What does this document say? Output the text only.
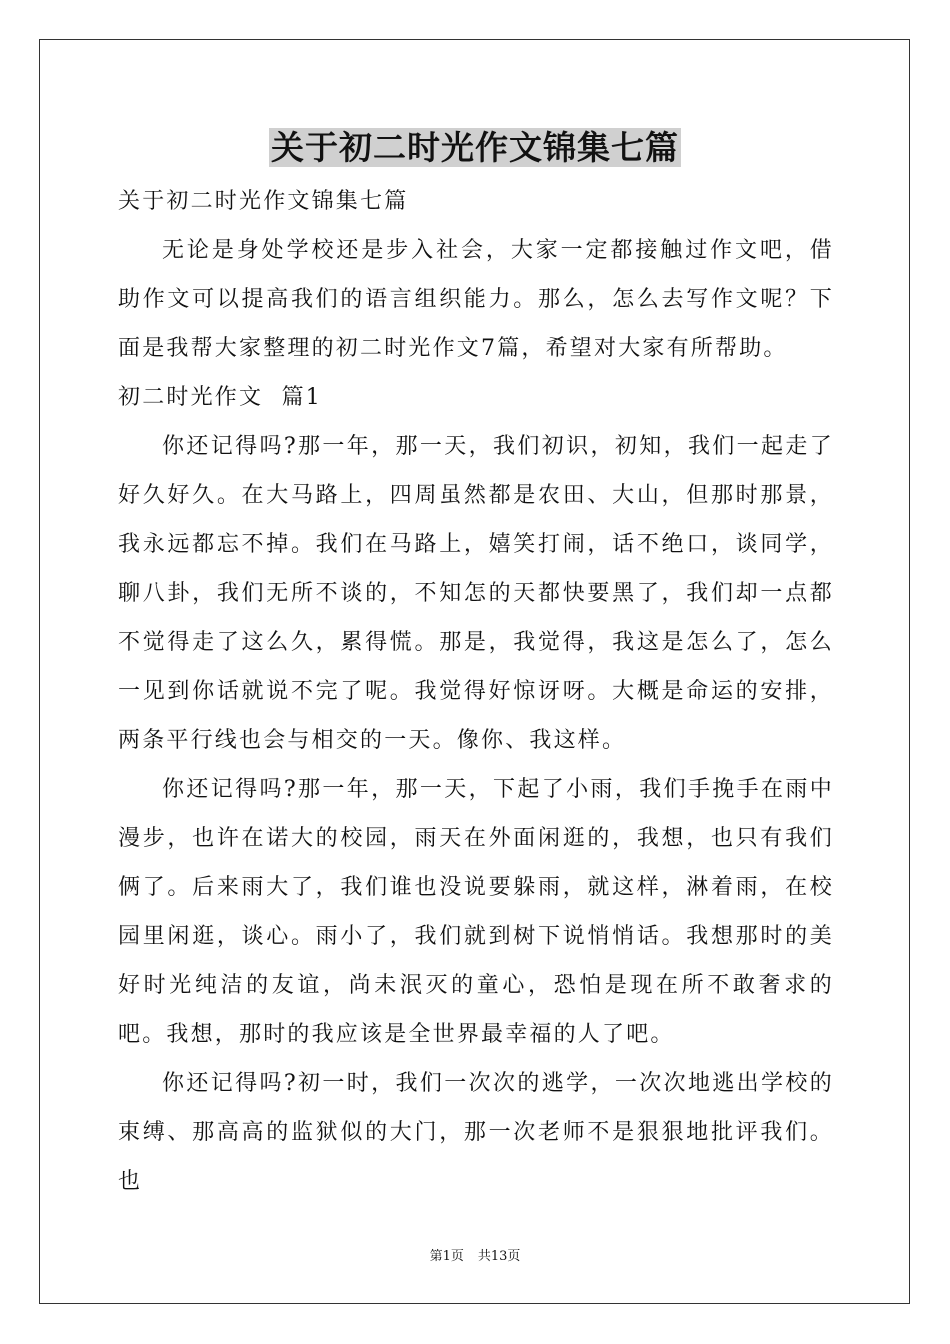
关于初二时光作文锦集七篇

关于初二时光作文锦集七篇

无论是身处学校还是步入社会，大家一定都接触过作文吧，借助作文可以提高我们的语言组织能力。那么，怎么去写作文呢？下面是我帮大家整理的初二时光作文7篇，希望对大家有所帮助。

初二时光作文  篇1

你还记得吗?那一年，那一天，我们初识，初知，我们一起走了好久好久。在大马路上，四周虽然都是农田、大山，但那时那景，我永远都忘不掉。我们在马路上，嬉笑打闹，话不绝口，谈同学，聊八卦，我们无所不谈的，不知怎的天都快要黑了，我们却一点都不觉得走了这么久，累得慌。那是，我觉得，我这是怎么了，怎么一见到你话就说不完了呢。我觉得好惊讶呀。大概是命运的安排，两条平行线也会与相交的一天。像你、我这样。

你还记得吗?那一年，那一天，下起了小雨，我们手挽手在雨中漫步，也许在诺大的校园，雨天在外面闲逛的，我想，也只有我们俩了。后来雨大了，我们谁也没说要躲雨，就这样，淋着雨，在校园里闲逛，谈心。雨小了，我们就到树下说悄悄话。我想那时的美好时光纯洁的友谊，尚未泯灭的童心，恐怕是现在所不敢奢求的吧。我想，那时的我应该是全世界最幸福的人了吧。

你还记得吗?初一时，我们一次次的逃学，一次次地逃出学校的束缚、那高高的监狱似的大门，那一次老师不是狠狠地批评我们。也

第1页 共13页
